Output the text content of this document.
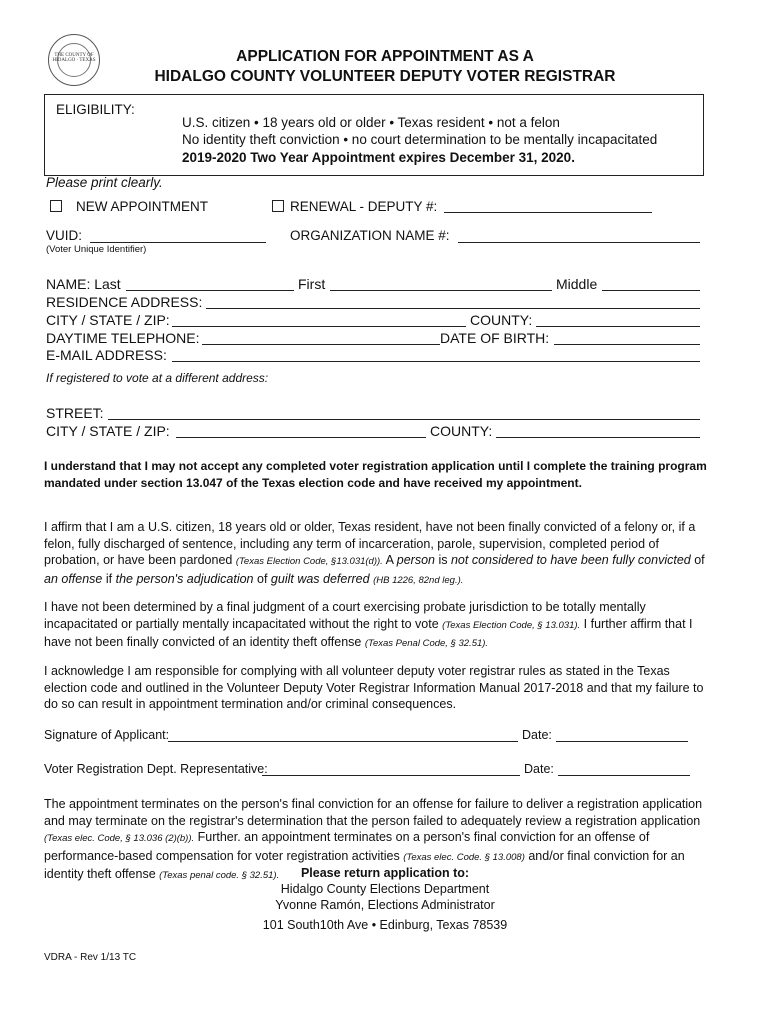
THE COUNTY OF HIDALGO · TEXAS	APPLICATION FOR APPOINTMENT AS A
HIDALGO COUNTY VOLUNTEER DEPUTY VOTER REGISTRAR
ELIGIBILITY:
U.S. citizen • 18 years old or older • Texas resident • not a felon
No identity theft conviction • no court determination to be mentally incapacitated
2019-2020 Two Year Appointment expires December 31, 2020.
Please print clearly.
NEW APPOINTMENT	RENEWAL - DEPUTY #:
VUID:
(Voter Unique Identifier)
ORGANIZATION NAME #:
NAME: Last	First	Middle
RESIDENCE ADDRESS:
CITY / STATE / ZIP:	COUNTY:
DAYTIME TELEPHONE:	DATE OF BIRTH:
E-MAIL ADDRESS:
If registered to vote at a different address:
STREET:
CITY / STATE / ZIP:	COUNTY:
I understand that I may not accept any completed voter registration application until I complete the training program mandated under section 13.047 of the Texas election code and have received my appointment.
I affirm that I am a U.S. citizen, 18 years old or older, Texas resident, have not been finally convicted of a felony or, if a felon, fully discharged of sentence, including any term of incarceration, parole, supervision, completed period of probation, or have been pardoned (Texas Election Code, §13.031(d)). A person is not considered to have been fully convicted of an offense if the person's adjudication of guilt was deferred (HB 1226, 82nd leg.).
I have not been determined by a final judgment of a court exercising probate jurisdiction to be totally mentally incapacitated or partially mentally incapacitated without the right to vote (Texas Election Code, § 13.031). I further affirm that I have not been finally convicted of an identity theft offense (Texas Penal Code, § 32.51).
I acknowledge I am responsible for complying with all volunteer deputy voter registrar rules as stated in the Texas election code and outlined in the Volunteer Deputy Voter Registrar Information Manual 2017-2018 and that my failure to do so can result in appointment termination and/or criminal consequences.
Signature of Applicant:	Date:
Voter Registration Dept. Representative:	Date:
The appointment terminates on the person's final conviction for an offense for failure to deliver a registration application and may terminate on the registrar's determination that the person failed to adequately review a registration application (Texas elec. Code, § 13.036 (2)(b)). Further. an appointment terminates on a person's final conviction for an offense of performance-based compensation for voter registration activities (Texas elec. Code. § 13.008) and/or final conviction for an identity theft offense (Texas penal code. § 32.51).	Please return application to:
Hidalgo County Elections Department
Yvonne Ramón, Elections Administrator
101 South10th Ave • Edinburg, Texas 78539
VDRA - Rev 1/13 TC
